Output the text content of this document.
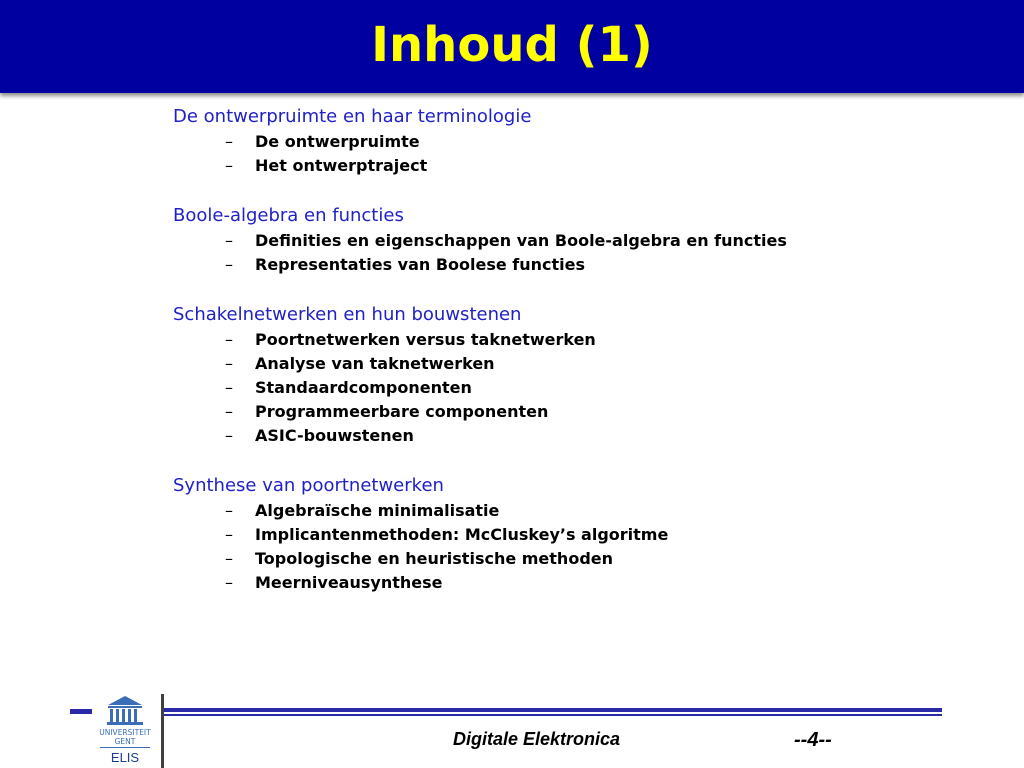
Inhoud (1)
De ontwerpruimte en haar terminologie
– De ontwerpruimte
– Het ontwerptraject
Boole-algebra en functies
– Definities en eigenschappen van Boole-algebra en functies
– Representaties van Boolese functies
Schakelnetwerken en hun bouwstenen
– Poortnetwerken versus taknetwerken
– Analyse van taknetwerken
– Standaardcomponenten
– Programmeerbare componenten
– ASIC-bouwstenen
Synthese van poortnetwerken
– Algebraïsche minimalisatie
– Implicantenmethoden: McCluskey’s algoritme
– Topologische en heuristische methoden
– Meerniveausynthese
UNIVERSITEIT
GENT
ELIS
Digitale Elektronica	--4--
